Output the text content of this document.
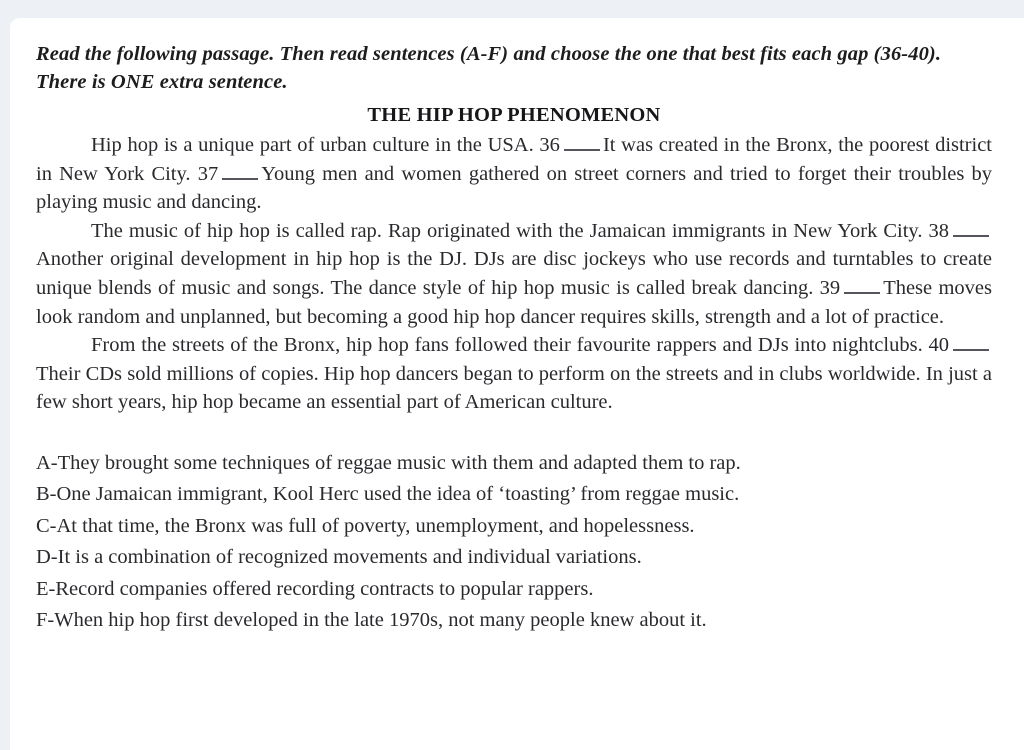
Read the following passage. Then read sentences (A-F) and choose the one that best fits each gap (36-40). There is ONE extra sentence.

THE HIP HOP PHENOMENON

Hip hop is a unique part of urban culture in the USA. 36 It was created in the Bronx, the poorest district in New York City. 37 Young men and women gathered on street corners and tried to forget their troubles by playing music and dancing.

The music of hip hop is called rap. Rap originated with the Jamaican immigrants in New York City. 38Another original development in hip hop is the DJ. DJs are disc jockeys who use records and turntables to create unique blends of music and songs. The dance style of hip hop music is called break dancing. 39 These moves look random and unplanned, but becoming a good hip hop dancer requires skills, strength and a lot of practice.

From the streets of the Bronx, hip hop fans followed their favourite rappers and DJs into nightclubs. 40Their CDs sold millions of copies. Hip hop dancers began to perform on the streets and in clubs worldwide. In just a few short years, hip hop became an essential part of American culture.

A-They brought some techniques of reggae music with them and adapted them to rap.

B-One Jamaican immigrant, Kool Herc used the idea of ‘toasting’ from reggae music.

C-At that time, the Bronx was full of poverty, unemployment, and hopelessness.

D-It is a combination of recognized movements and individual variations.

E-Record companies offered recording contracts to popular rappers.

F-When hip hop first developed in the late 1970s, not many people knew about it.
